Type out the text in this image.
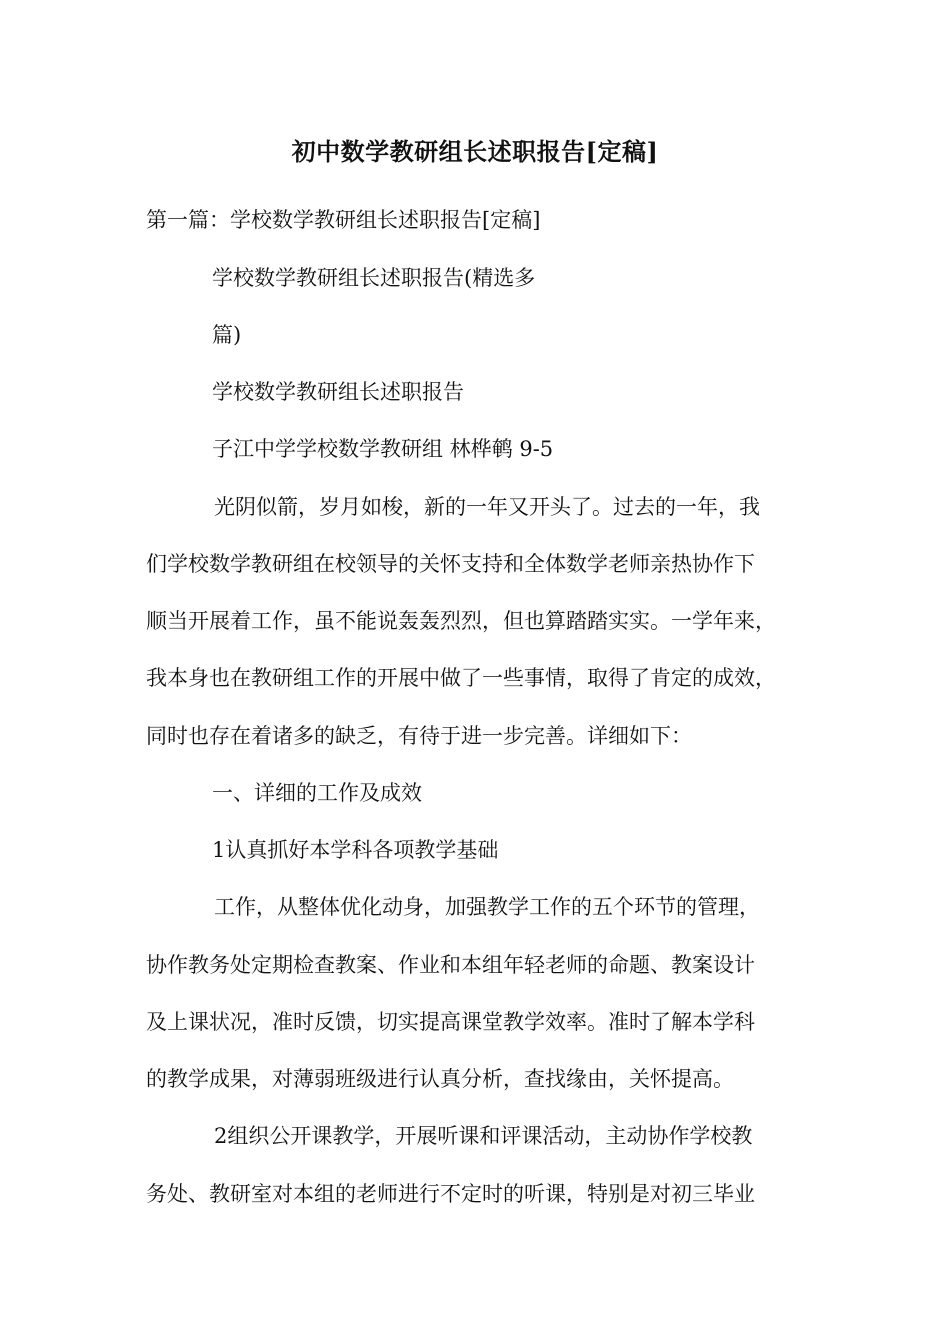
初中数学教研组长述职报告[定稿]
第一篇：学校数学教研组长述职报告[定稿]
学校数学教研组长述职报告(精选多
篇)
学校数学教研组长述职报告
子江中学学校数学教研组 林桦鹌 9-5
光阴似箭，岁月如梭，新的一年又开头了。过去的一年，我
们学校数学教研组在校领导的关怀支持和全体数学老师亲热协作下
顺当开展着工作，虽不能说轰轰烈烈，但也算踏踏实实。一学年来，
我本身也在教研组工作的开展中做了一些事情，取得了肯定的成效，
同时也存在着诸多的缺乏，有待于进一步完善。详细如下：
一、详细的工作及成效
1认真抓好本学科各项教学基础
工作，从整体优化动身，加强教学工作的五个环节的管理，
协作教务处定期检查教案、作业和本组年轻老师的命题、教案设计
及上课状况，准时反馈，切实提高课堂教学效率。准时了解本学科
的教学成果，对薄弱班级进行认真分析，查找缘由，关怀提高。
2组织公开课教学，开展听课和评课活动，主动协作学校教
务处、教研室对本组的老师进行不定时的听课，特别是对初三毕业
